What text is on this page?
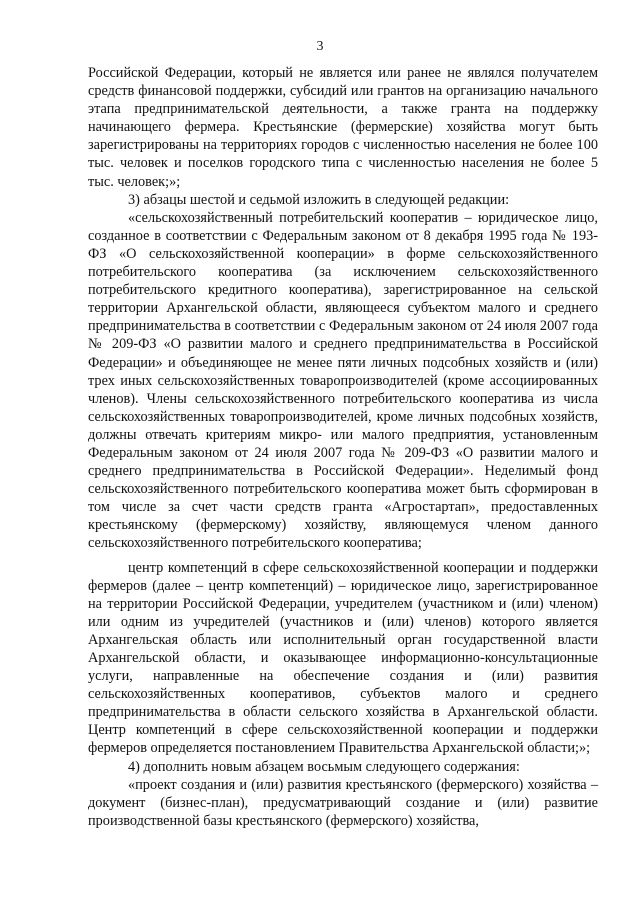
3

Российской Федерации, который не является или ранее не являлся получателем средств финансовой поддержки, субсидий или грантов на организацию начального этапа предпринимательской деятельности, а также гранта на поддержку начинающего фермера. Крестьянские (фермерские) хозяйства могут быть зарегистрированы на территориях городов с численностью населения не более 100 тыс. человек и поселков городского типа с численностью населения не более 5 тыс. человек;»;

3) абзацы шестой и седьмой изложить в следующей редакции:

«сельскохозяйственный потребительский кооператив – юридическое лицо, созданное в соответствии с Федеральным законом от 8 декабря 1995 года № 193-ФЗ «О сельскохозяйственной кооперации» в форме сельскохозяйственного потребительского кооператива (за исключением сельскохозяйственного потребительского кредитного кооператива), зарегистрированное на сельской территории Архангельской области, являющееся субъектом малого и среднего предпринимательства в соответствии с Федеральным законом от 24 июля 2007 года № 209-ФЗ «О развитии малого и среднего предпринимательства в Российской Федерации» и объединяющее не менее пяти личных подсобных хозяйств и (или) трех иных сельскохозяйственных товаропроизводителей (кроме ассоциированных членов). Члены сельскохозяйственного потребительского кооператива из числа сельскохозяйственных товаропроизводителей, кроме личных подсобных хозяйств, должны отвечать критериям микро- или малого предприятия, установленным Федеральным законом от 24 июля 2007 года № 209-ФЗ «О развитии малого и среднего предпринимательства в Российской Федерации». Неделимый фонд сельскохозяйственного потребительского кооператива может быть сформирован в том числе за счет части средств гранта «Агростартап», предоставленных крестьянскому (фермерскому) хозяйству, являющемуся членом данного сельскохозяйственного потребительского кооператива;

центр компетенций в сфере сельскохозяйственной кооперации и поддержки фермеров (далее – центр компетенций) – юридическое лицо, зарегистрированное на территории Российской Федерации, учредителем (участником и (или) членом) или одним из учредителей (участников и (или) членов) которого является Архангельская область или исполнительный орган государственной власти Архангельской области, и оказывающее информационно-консультационные услуги, направленные на обеспечение создания и (или) развития сельскохозяйственных кооперативов, субъектов малого и среднего предпринимательства в области сельского хозяйства в Архангельской области. Центр компетенций в сфере сельскохозяйственной кооперации и поддержки фермеров определяется постановлением Правительства Архангельской области;»;

4) дополнить новым абзацем восьмым следующего содержания:

«проект создания и (или) развития крестьянского (фермерского) хозяйства – документ (бизнес-план), предусматривающий создание и (или) развитие производственной базы крестьянского (фермерского) хозяйства,
